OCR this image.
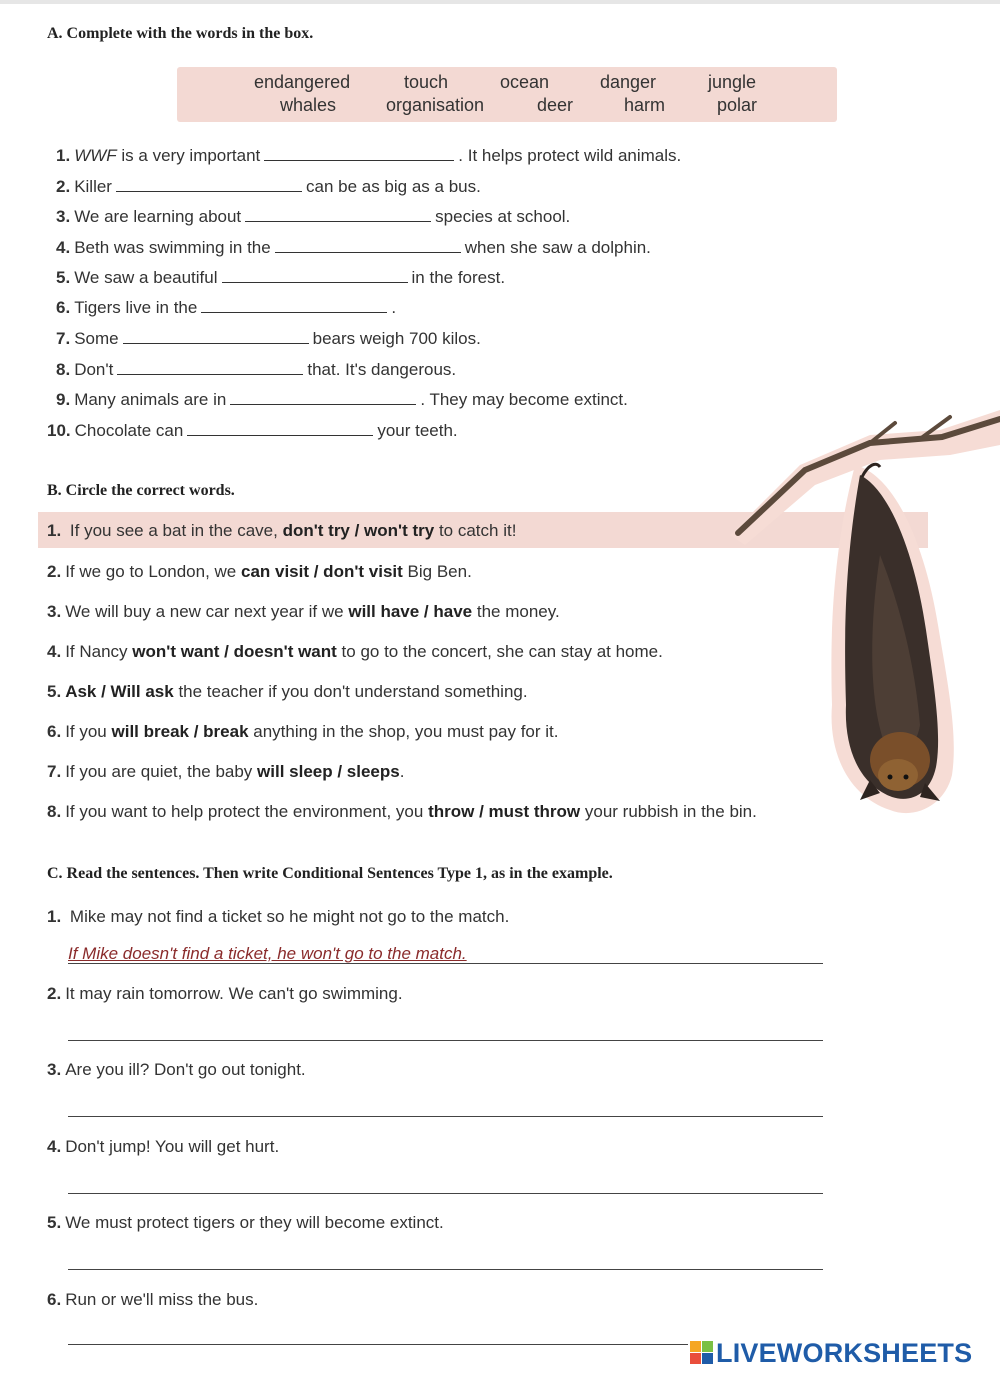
A. Complete with the words in the box.
endangered	touch	ocean	danger	jungle
whales	organisation	deer	harm	polar
1. WWF is a very important	. It helps protect wild animals.
2. Killer	can be as big as a bus.
3. We are learning about	species at school.
4. Beth was swimming in the	when she saw a dolphin.
5. We saw a beautiful	in the forest.
6. Tigers live in the	.
7. Some	bears weigh 700 kilos.
8. Don't	that. It's dangerous.
9. Many animals are in	. They may become extinct.
10. Chocolate can	your teeth.
B. Circle the correct words.
1. If you see a bat in the cave, don't try / won't try to catch it!
2. If we go to London, we can visit / don't visit Big Ben.
3. We will buy a new car next year if we will have / have the money.
4. If Nancy won't want / doesn't want to go to the concert, she can stay at home.
5. Ask / Will ask the teacher if you don't understand something.
6. If you will break / break anything in the shop, you must pay for it.
7. If you are quiet, the baby will sleep / sleeps.
8. If you want to help protect the environment, you throw / must throw your rubbish in the bin.
C. Read the sentences. Then write Conditional Sentences Type 1, as in the example.
1. Mike may not find a ticket so he might not go to the match.
If Mike doesn't find a ticket, he won't go to the match.
2. It may rain tomorrow. We can't go swimming.
3. Are you ill? Don't go out tonight.
4. Don't jump! You will get hurt.
5. We must protect tigers or they will become extinct.
6. Run or we'll miss the bus.
LIVEWORKSHEETS
